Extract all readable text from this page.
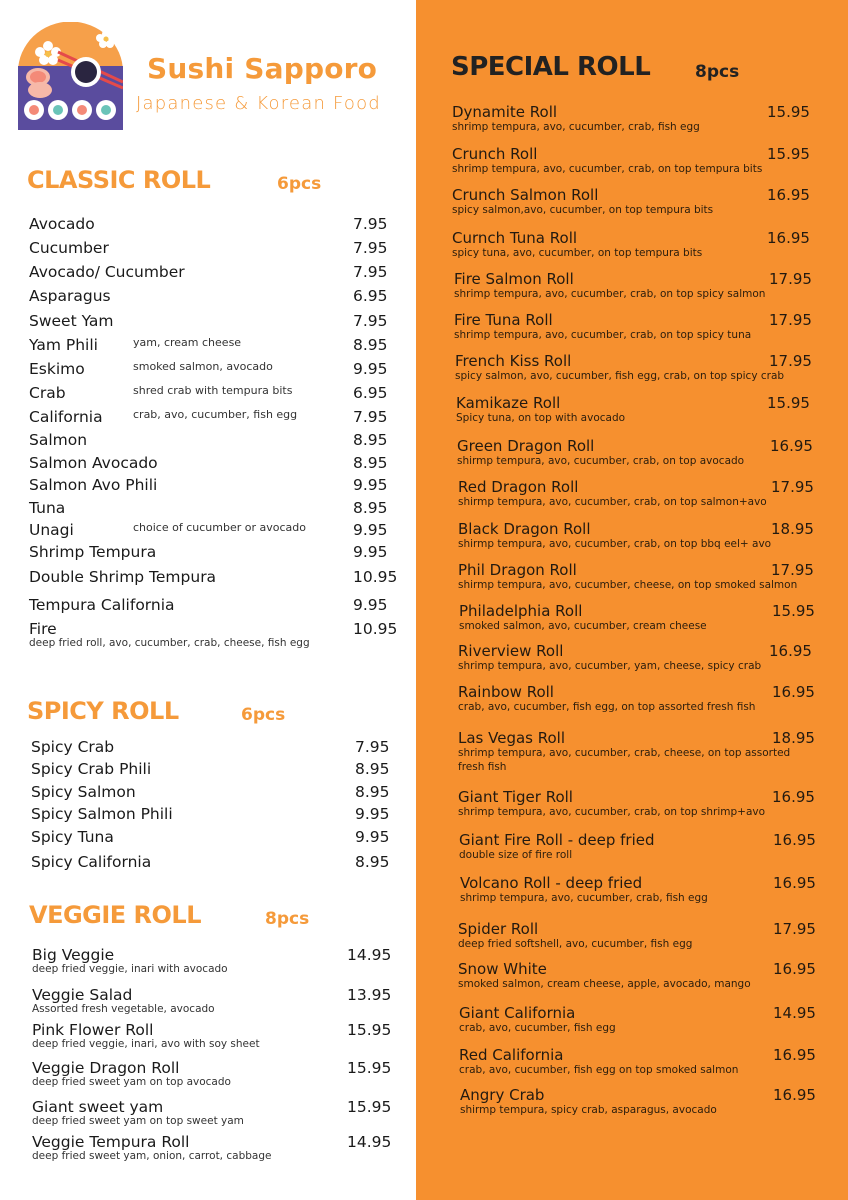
Sushi Sapporo
Japanese & Korean Food
CLASSIC ROLL	6pcs
SPICY ROLL	6pcs
VEGGIE ROLL	8pcs
SPECIAL ROLL	8pcs
Avocado	7.95
Cucumber	7.95
Avocado/ Cucumber	7.95
Asparagus	6.95
Sweet Yam	7.95
Yam Phili	8.95
yam, cream cheese
Eskimo	9.95
smoked salmon, avocado
Crab	6.95
shred crab with tempura bits
California	7.95
crab, avo, cucumber, fish egg
Salmon	8.95
Salmon Avocado	8.95
Salmon Avo Phili	9.95
Tuna	8.95
Unagi	9.95
choice of cucumber or avocado
Shrimp Tempura	9.95
Double Shrimp Tempura	10.95
Tempura California	9.95
Fire	10.95
deep fried roll, avo, cucumber, crab, cheese, fish egg
Spicy Crab	7.95
Spicy Crab Phili	8.95
Spicy Salmon	8.95
Spicy Salmon Phili	9.95
Spicy Tuna	9.95
Spicy California	8.95
Big Veggie	14.95
deep fried veggie, inari with avocado
Veggie Salad	13.95
Assorted fresh vegetable, avocado
Pink Flower Roll	15.95
deep fried veggie, inari, avo with soy sheet
Veggie Dragon Roll	15.95
deep fried sweet yam on top avocado
Giant sweet yam	15.95
deep fried sweet yam on top sweet yam
Veggie Tempura Roll	14.95
deep fried sweet yam, onion, carrot, cabbage
Dynamite Roll	15.95
shrimp tempura, avo, cucumber, crab, fish egg
Crunch Roll	15.95
shrimp tempura, avo, cucumber, crab, on top tempura bits
Crunch Salmon Roll	16.95
spicy salmon,avo, cucumber, on top tempura bits
Curnch Tuna Roll	16.95
spicy tuna, avo, cucumber, on top tempura bits
Fire Salmon Roll	17.95
shrimp tempura, avo, cucumber, crab, on top spicy salmon
Fire Tuna Roll	17.95
shrimp tempura, avo, cucumber, crab, on top spicy tuna
French Kiss Roll	17.95
spicy salmon, avo, cucumber, fish egg, crab, on top spicy crab
Kamikaze Roll	15.95
Spicy tuna, on top with avocado
Green Dragon Roll	16.95
shirmp tempura, avo, cucumber, crab, on top avocado
Red Dragon Roll	17.95
shirmp tempura, avo, cucumber, crab, on top salmon+avo
Black Dragon Roll	18.95
shirmp tempura, avo, cucumber, crab, on top bbq eel+ avo
Phil Dragon Roll	17.95
shirmp tempura, avo, cucumber, cheese, on top smoked salmon
Philadelphia Roll	15.95
smoked salmon, avo, cucumber, cream cheese
Riverview Roll	16.95
shrimp tempura, avo, cucumber, yam, cheese, spicy crab
Rainbow Roll	16.95
crab, avo, cucumber, fish egg, on top assorted fresh fish
Las Vegas Roll	18.95
shrimp tempura, avo, cucumber, crab, cheese, on top assorted
fresh fish
Giant Tiger Roll	16.95
shrimp tempura, avo, cucumber, crab, on top shrimp+avo
Giant Fire Roll - deep fried	16.95
double size of fire roll
Volcano Roll - deep fried	16.95
shrimp tempura, avo, cucumber, crab, fish egg
Spider Roll	17.95
deep fried softshell, avo, cucumber, fish egg
Snow White	16.95
smoked salmon, cream cheese, apple, avocado, mango
Giant California	14.95
crab, avo, cucumber, fish egg
Red California	16.95
crab, avo, cucumber, fish egg on top smoked salmon
Angry Crab	16.95
shirmp tempura, spicy crab, asparagus, avocado
